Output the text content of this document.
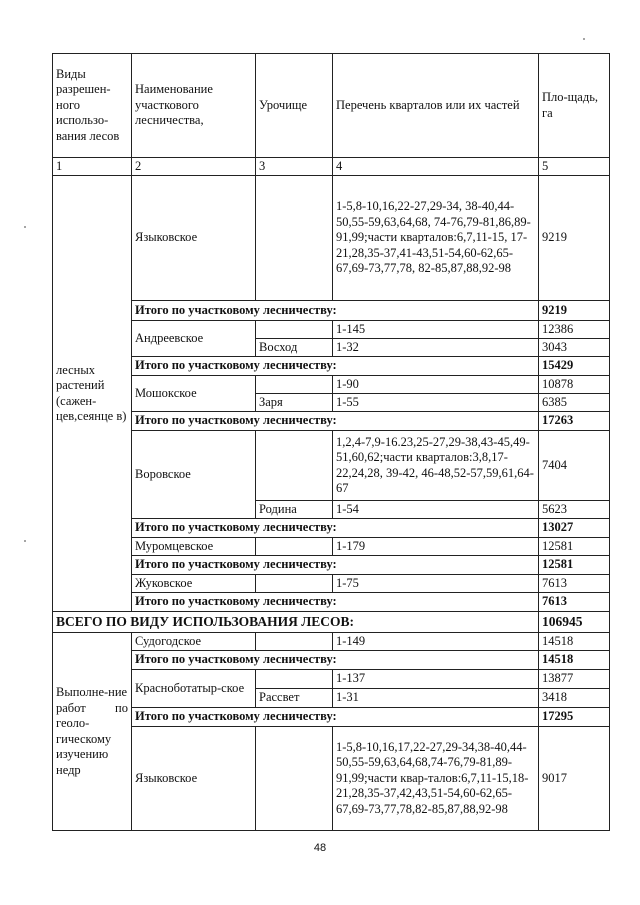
Виды разрешен-ного использо-вания лесов	Наименование участкового лесничества,	Урочище	Перечень кварталов или их частей	Пло-щадь, га
1	2	3	4	5
лесных растений (сажен-цев,сеянце в)	Языковское		1-5,8-10,16,22-27,29-34, 38-40,44-50,55-59,63,64,68, 74-76,79-81,86,89-91,99;части кварталов:6,7,11-15, 17-21,28,35-37,41-43,51-54,60-62,65-67,69-73,77,78, 82-85,87,88,92-98	9219
	Итого по участковому лесничеству:			9219
	Андреевское		1-145	12386
		Восход	1-32	3043
	Итого по участковому лесничеству:			15429
	Мошокское		1-90	10878
		Заря	1-55	6385
	Итого по участковому лесничеству:			17263
	Воровское		1,2,4-7,9-16.23,25-27,29-38,43-45,49-51,60,62;части кварталов:3,8,17-22,24,28, 39-42, 46-48,52-57,59,61,64-67	7404
		Родина	1-54	5623
	Итого по участковому лесничеству:			13027
	Муромцевское		1-179	12581
	Итого по участковому лесничеству:			12581
	Жуковское		1-75	7613
	Итого по участковому лесничеству:			7613
ВСЕГО ПО ВИДУ ИСПОЛЬЗОВАНИЯ ЛЕСОВ:				106945
Выполне-ние работ по геоло-гическому изучению недр	Судогодское		1-149	14518
	Итого по участковому лесничеству:			14518
	Красноботатыр-ское		1-137	13877
		Рассвет	1-31	3418
	Итого по участковому лесничеству:			17295
	Языковское		1-5,8-10,16,17,22-27,29-34,38-40,44-50,55-59,63,64,68,74-76,79-81,89-91,99;части квар-талов:6,7,11-15,18-21,28,35-37,42,43,51-54,60-62,65-67,69-73,77,78,82-85,87,88,92-98	9017
48
